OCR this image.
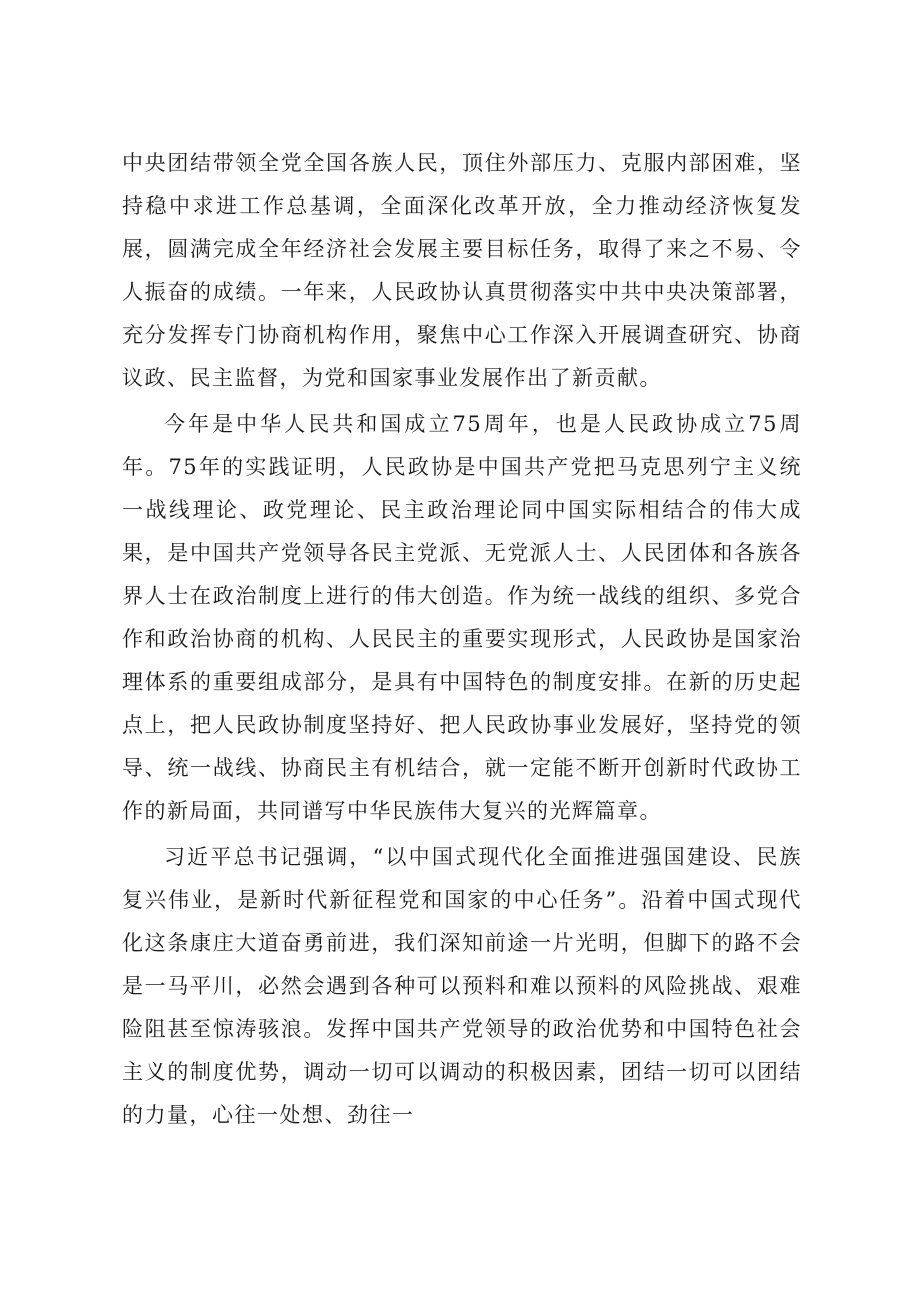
中央团结带领全党全国各族人民，顶住外部压力、克服内部困难，坚持稳中求进工作总基调，全面深化改革开放，全力推动经济恢复发展，圆满完成全年经济社会发展主要目标任务，取得了来之不易、令人振奋的成绩。一年来，人民政协认真贯彻落实中共中央决策部署，充分发挥专门协商机构作用，聚焦中心工作深入开展调查研究、协商议政、民主监督，为党和国家事业发展作出了新贡献。

今年是中华人民共和国成立75周年，也是人民政协成立75周年。75年的实践证明，人民政协是中国共产党把马克思列宁主义统一战线理论、政党理论、民主政治理论同中国实际相结合的伟大成果，是中国共产党领导各民主党派、无党派人士、人民团体和各族各界人士在政治制度上进行的伟大创造。作为统一战线的组织、多党合作和政治协商的机构、人民民主的重要实现形式，人民政协是国家治理体系的重要组成部分，是具有中国特色的制度安排。在新的历史起点上，把人民政协制度坚持好、把人民政协事业发展好，坚持党的领导、统一战线、协商民主有机结合，就一定能不断开创新时代政协工作的新局面，共同谱写中华民族伟大复兴的光辉篇章。

习近平总书记强调，“以中国式现代化全面推进强国建设、民族复兴伟业，是新时代新征程党和国家的中心任务”。沿着中国式现代化这条康庄大道奋勇前进，我们深知前途一片光明，但脚下的路不会是一马平川，必然会遇到各种可以预料和难以预料的风险挑战、艰难险阻甚至惊涛骇浪。发挥中国共产党领导的政治优势和中国特色社会主义的制度优势，调动一切可以调动的积极因素，团结一切可以团结的力量，心往一处想、劲往一
